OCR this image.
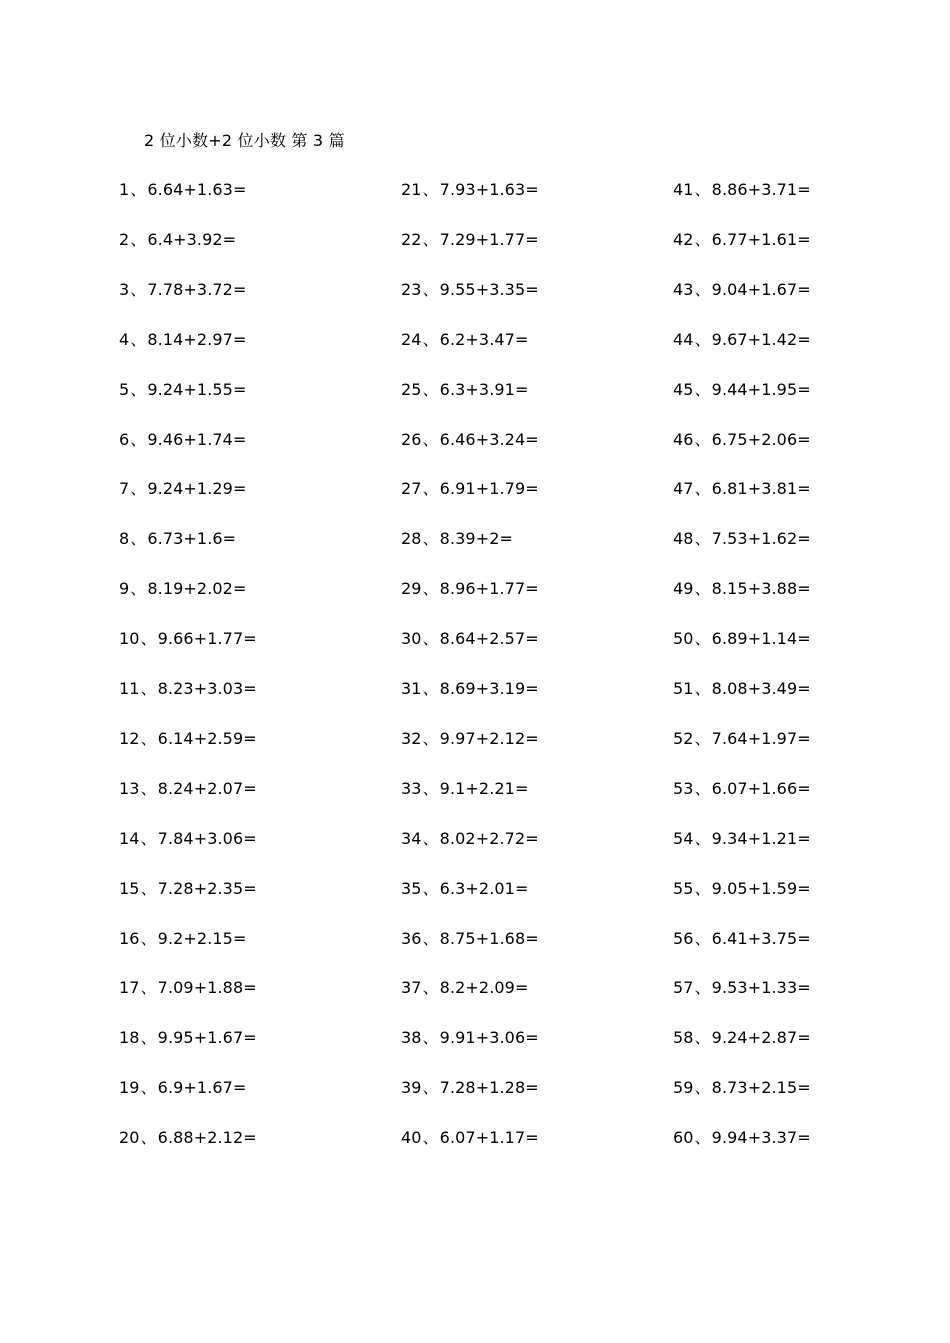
2 位小数+2 位小数 第 3 篇
1、6.64+1.63=
2、6.4+3.92=
3、7.78+3.72=
4、8.14+2.97=
5、9.24+1.55=
6、9.46+1.74=
7、9.24+1.29=
8、6.73+1.6=
9、8.19+2.02=
10、9.66+1.77=
11、8.23+3.03=
12、6.14+2.59=
13、8.24+2.07=
14、7.84+3.06=
15、7.28+2.35=
16、9.2+2.15=
17、7.09+1.88=
18、9.95+1.67=
19、6.9+1.67=
20、6.88+2.12=
21、7.93+1.63=
22、7.29+1.77=
23、9.55+3.35=
24、6.2+3.47=
25、6.3+3.91=
26、6.46+3.24=
27、6.91+1.79=
28、8.39+2=
29、8.96+1.77=
30、8.64+2.57=
31、8.69+3.19=
32、9.97+2.12=
33、9.1+2.21=
34、8.02+2.72=
35、6.3+2.01=
36、8.75+1.68=
37、8.2+2.09=
38、9.91+3.06=
39、7.28+1.28=
40、6.07+1.17=
41、8.86+3.71=
42、6.77+1.61=
43、9.04+1.67=
44、9.67+1.42=
45、9.44+1.95=
46、6.75+2.06=
47、6.81+3.81=
48、7.53+1.62=
49、8.15+3.88=
50、6.89+1.14=
51、8.08+3.49=
52、7.64+1.97=
53、6.07+1.66=
54、9.34+1.21=
55、9.05+1.59=
56、6.41+3.75=
57、9.53+1.33=
58、9.24+2.87=
59、8.73+2.15=
60、9.94+3.37=
